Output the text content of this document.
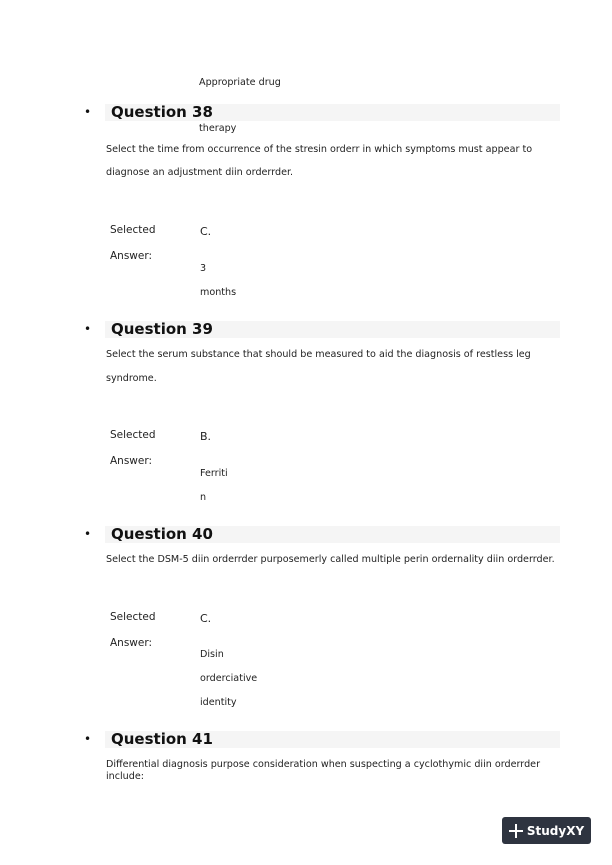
Appropriate drug
• Question 38
therapy
Select the time from occurrence of the stresin orderr in which symptoms must appear to
diagnose an adjustment diin orderrder.
Selected
Answer:
C.
3
months
• Question 39
Select the serum substance that should be measured to aid the diagnosis of restless leg
syndrome.
Selected
Answer:
B.
Ferriti
n
• Question 40
Select the DSM-5 diin orderrder purposemerly called multiple perin ordernality diin orderrder.
Selected
Answer:
C.
Disin
orderciative
identity
• Question 41
Differential diagnosis purpose consideration when suspecting a cyclothymic diin orderrder
include:
StudyXY
